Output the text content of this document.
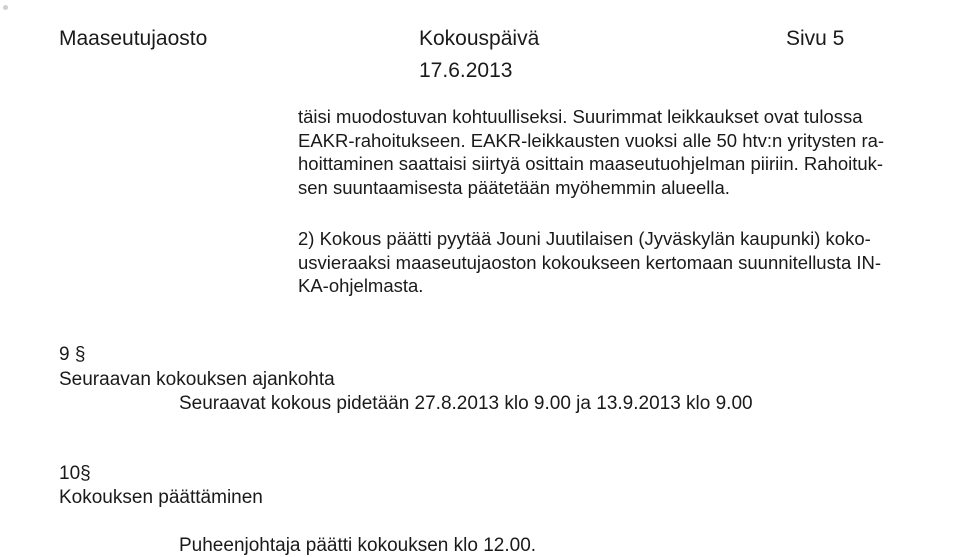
Maaseutujaosto	Kokouspäivä	Sivu 5
17.6.2013
täisi muodostuvan kohtuulliseksi. Suurimmat leikkaukset ovat tulossa
EAKR-rahoitukseen. EAKR-leikkausten vuoksi alle 50 htv:n yritysten ra-
hoittaminen saattaisi siirtyä osittain maaseutuohjelman piiriin. Rahoituk-
sen suuntaamisesta päätetään myöhemmin alueella.
2) Kokous päätti pyytää Jouni Juutilaisen (Jyväskylän kaupunki) koko-
usvieraaksi maaseutujaoston kokoukseen kertomaan suunnitellusta IN-
KA-ohjelmasta.
9 §
Seuraavan kokouksen ajankohta
Seuraavat kokous pidetään 27.8.2013 klo 9.00 ja 13.9.2013 klo 9.00
10§
Kokouksen päättäminen
Puheenjohtaja päätti kokouksen klo 12.00.
